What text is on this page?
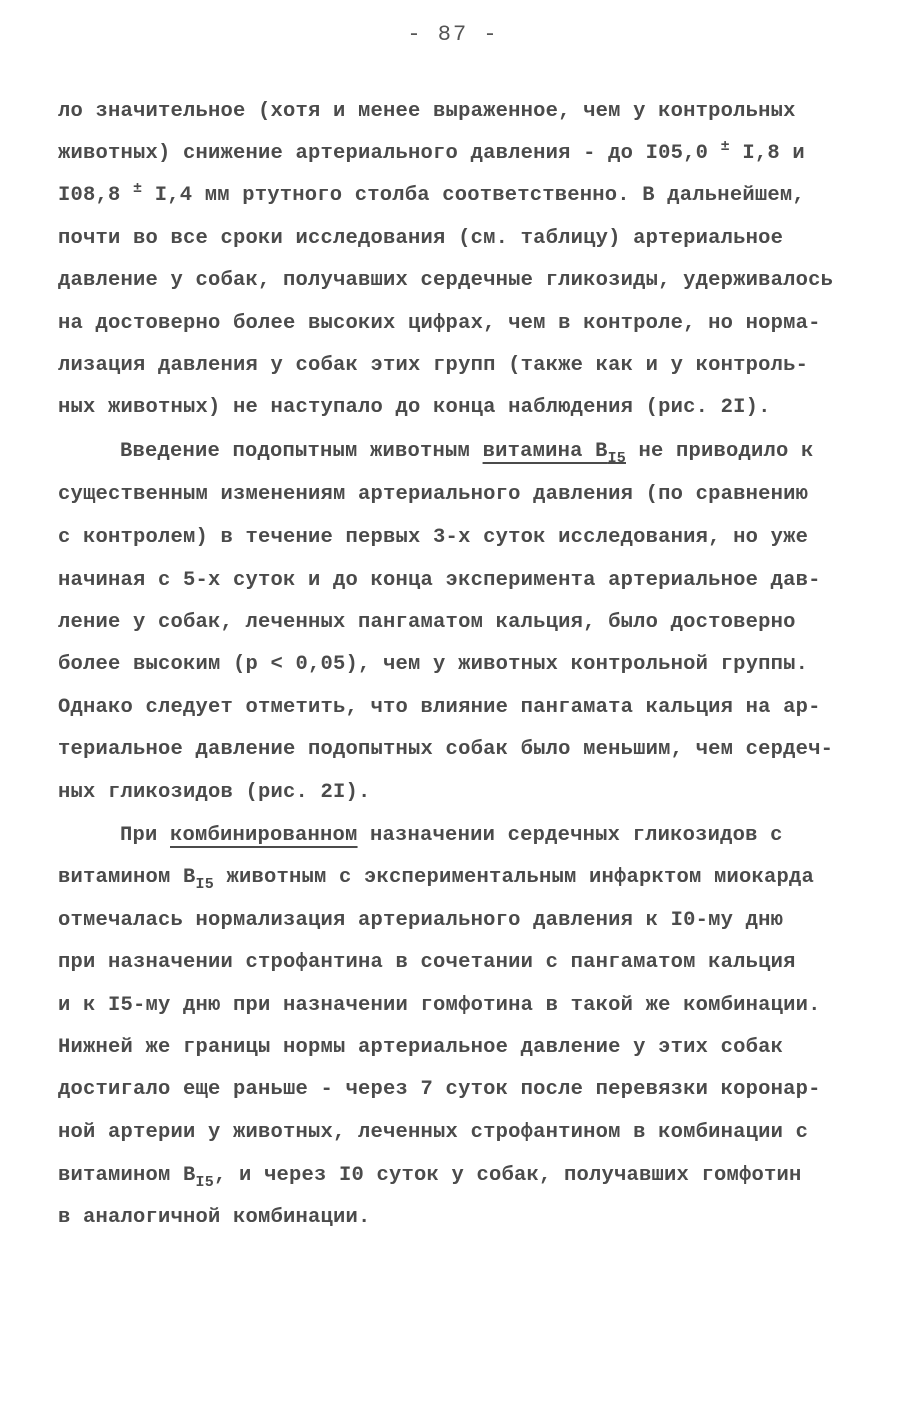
- 87 -
ло значительное (хотя и менее выраженное, чем у контрольных
животных) снижение артериального давления - до I05,0 ± I,8 и
I08,8 ± I,4 мм ртутного столба соответственно. В дальнейшем,
почти во все сроки исследования (см. таблицу) артериальное
давление у собак, получавших сердечные гликозиды, удерживалось
на достоверно более высоких цифрах, чем в контроле, но норма-
лизация давления у собак этих групп (также как и у контроль-
ных животных) не наступало до конца наблюдения (рис. 2I).
Введение подопытным животным витамина $В_{I5}$ не приводило к
существенным изменениям артериального давления (по сравнению
с контролем) в течение первых 3-х суток исследования, но уже
начиная с 5-х суток и до конца эксперимента артериальное дав-
ление у собак, леченных пангаматом кальция, было достоверно
более высоким (р < 0,05), чем у животных контрольной группы.
Однако следует отметить, что влияние пангамата кальция на ар-
териальное давление подопытных собак было меньшим, чем сердеч-
ных гликозидов (рис. 2I).
При комбинированном назначении сердечных гликозидов с
витамином $В_{I5}$ животным с экспериментальным инфарктом миокарда
отмечалась нормализация артериального давления к I0-му дню
при назначении строфантина в сочетании с пангаматом кальция
и к I5-му дню при назначении гомфотина в такой же комбинации.
Нижней же границы нормы артериальное давление у этих собак
достигало еще раньше - через 7 суток после перевязки коронар-
ной артерии у животных, леченных строфантином в комбинации с
витамином $В_{I5}$, и через I0 суток у собак, получавших гомфотин
в аналогичной комбинации.
